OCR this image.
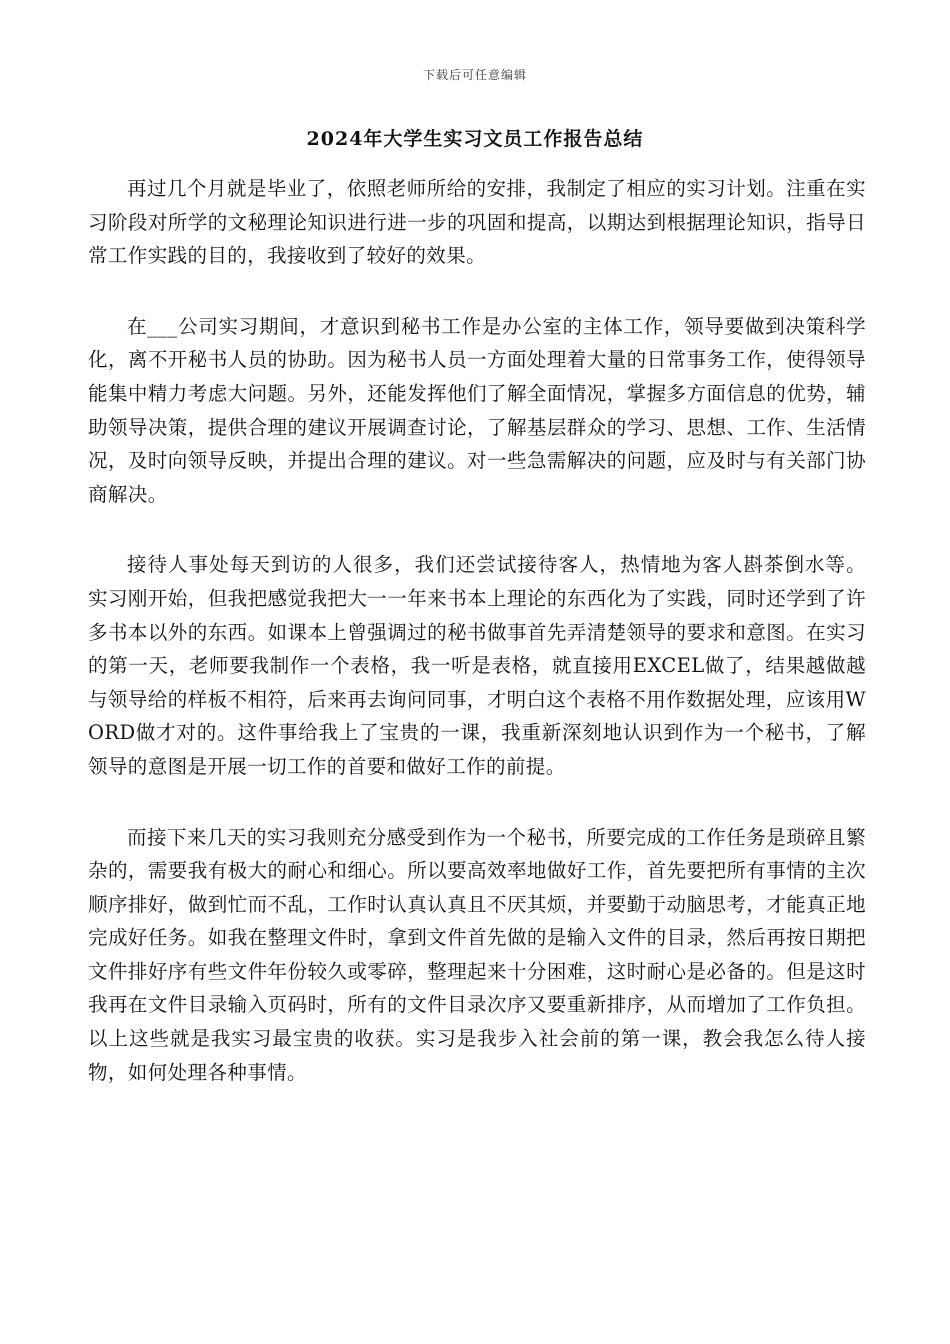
下载后可任意编辑
2024年大学生实习文员工作报告总结

再过几个月就是毕业了，依照老师所给的安排，我制定了相应的实习计划。注重在实习阶段对所学的文秘理论知识进行进一步的巩固和提高，以期达到根据理论知识，指导日常工作实践的目的，我接收到了较好的效果。

在___公司实习期间，才意识到秘书工作是办公室的主体工作，领导要做到决策科学化，离不开秘书人员的协助。因为秘书人员一方面处理着大量的日常事务工作，使得领导能集中精力考虑大问题。另外，还能发挥他们了解全面情况，掌握多方面信息的优势，辅助领导决策，提供合理的建议开展调查讨论，了解基层群众的学习、思想、工作、生活情况，及时向领导反映，并提出合理的建议。对一些急需解决的问题，应及时与有关部门协商解决。

接待人事处每天到访的人很多，我们还尝试接待客人，热情地为客人斟茶倒水等。 实习刚开始，但我把感觉我把大一一年来书本上理论的东西化为了实践，同时还学到了许多书本以外的东西。如课本上曾强调过的秘书做事首先弄清楚领导的要求和意图。在实习的第一天，老师要我制作一个表格，我一听是表格，就直接用EXCEL做了，结果越做越与领导给的样板不相符，后来再去询问同事，才明白这个表格不用作数据处理，应该用WORD做才对的。这件事给我上了宝贵的一课，我重新深刻地认识到作为一个秘书，了解领导的意图是开展一切工作的首要和做好工作的前提。

而接下来几天的实习我则充分感受到作为一个秘书，所要完成的工作任务是琐碎且繁杂的，需要我有极大的耐心和细心。所以要高效率地做好工作，首先要把所有事情的主次顺序排好，做到忙而不乱，工作时认真认真且不厌其烦，并要勤于动脑思考，才能真正地完成好任务。如我在整理文件时，拿到文件首先做的是输入文件的目录，然后再按日期把文件排好序有些文件年份较久或零碎，整理起来十分困难，这时耐心是必备的。但是这时我再在文件目录输入页码时，所有的文件目录次序又要重新排序，从而增加了工作负担。 以上这些就是我实习最宝贵的收获。实习是我步入社会前的第一课，教会我怎么待人接物，如何处理各种事情。
